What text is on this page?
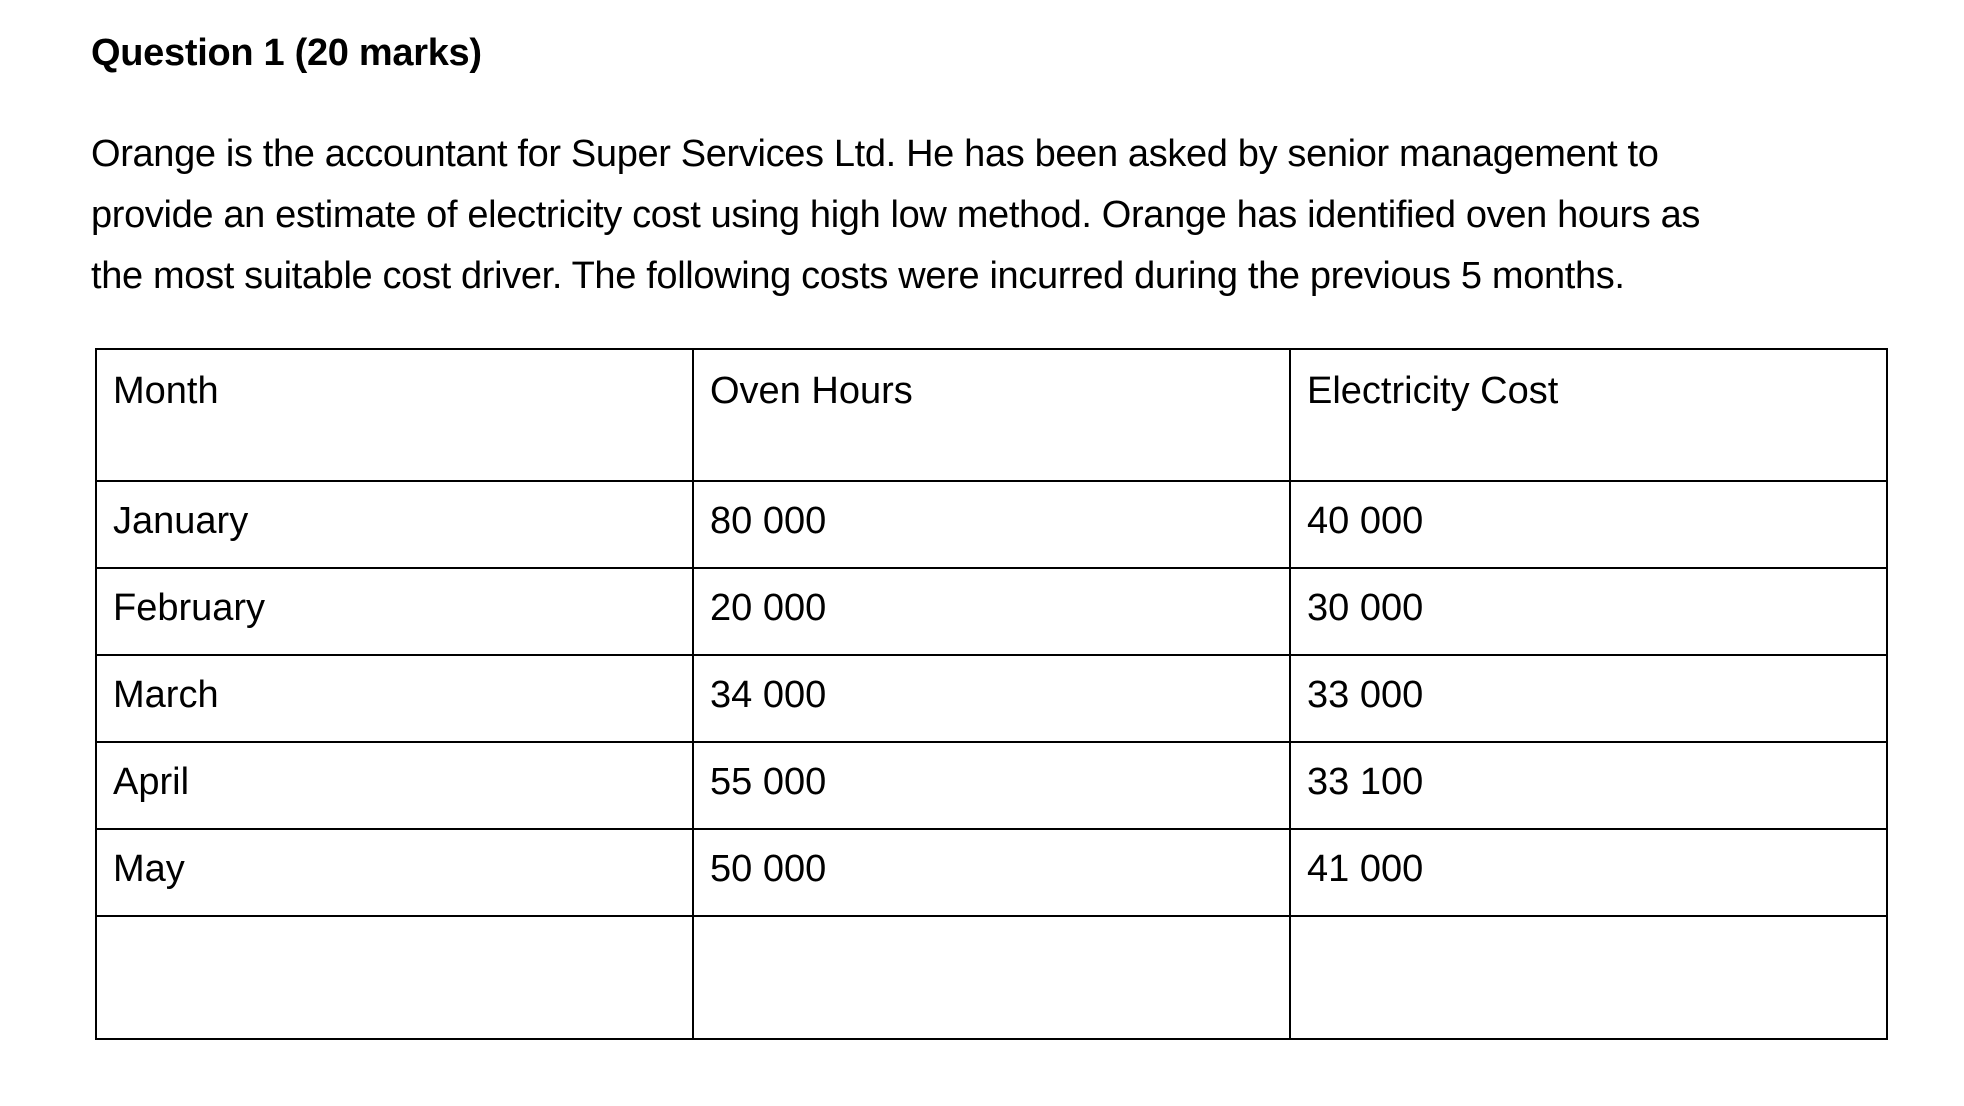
Question 1 (20 marks)
Orange is the accountant for Super Services Ltd. He has been asked by senior management to
provide an estimate of electricity cost using high low method. Orange has identified oven hours as
the most suitable cost driver. The following costs were incurred during the previous 5 months.
Month	Oven Hours	Electricity Cost
January	80 000	40 000
February	20 000	30 000
March	34 000	33 000
April	55 000	33 100
May	50 000	41 000
